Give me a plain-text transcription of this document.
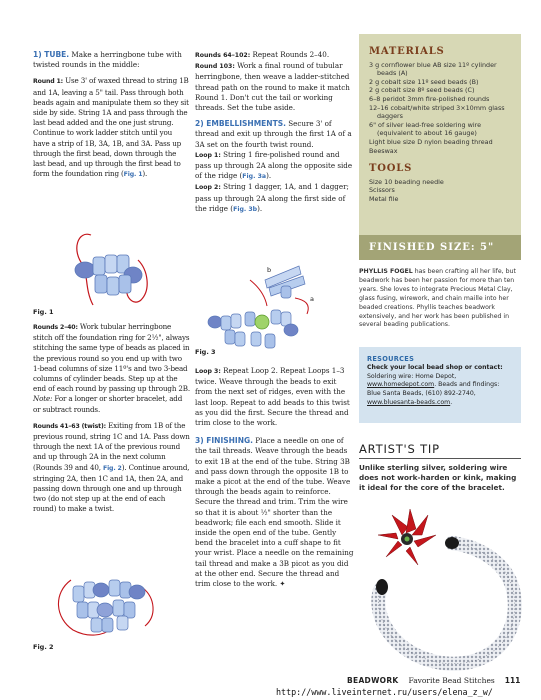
1) TUBE. Make a herringbone tube with twisted rounds in the middle:

Round 1: Use 3' of waxed thread to string 1B and 1A, leaving a 5" tail. Pass through both beads again and manipulate them so they sit side by side. String 1A and pass through the last bead added and the one just strung. Continue to work ladder stitch until you have a strip of 1B, 3A, 1B, and 3A. Pass up through the first bead, down through the last bead, and up through the first bead to form the foundation ring (Fig. 1).

Fig. 1

Rounds 2–40: Work tubular herringbone stitch off the foundation ring for 2½", always stitching the same type of beads as placed in the previous round so you end up with two 1-bead columns of size 11º's and two 3-bead columns of cylinder beads. Step up at the end of each round by passing up through 2B. Note: For a longer or shorter bracelet, add or subtract rounds.

Rounds 41–63 (twist): Exiting from 1B of the previous round, string 1C and 1A. Pass down through the next 1A of the previous round and up through 2A in the next column (Rounds 39 and 40, Fig. 2). Continue around, stringing 2A, then 1C and 1A, then 2A, and passing down through one and up through two (do not step up at the end of each round) to make a twist.

Fig. 2

Rounds 64–102: Repeat Rounds 2–40.

Round 103: Work a final round of tubular herringbone, then weave a ladder-stitched thread path on the round to make it match Round 1. Don't cut the tail or working threads. Set the tube aside.

2) EMBELLISHMENTS. Secure 3' of thread and exit up through the first 1A of a 3A set on the fourth twist round.

Loop 1: String 1 fire-polished round and pass up through 2A along the opposite side of the ridge (Fig. 3a).

Loop 2: String 1 dagger, 1A, and 1 dagger; pass up through 2A along the first side of the ridge (Fig. 3b).

b
a
Fig. 3

Loop 3: Repeat Loop 2. Repeat Loops 1–3 twice. Weave through the beads to exit from the next set of ridges, even with the last loop. Repeat to add beads to this twist as you did the first. Secure the thread and trim close to the work.

3) FINISHING. Place a needle on one of the tail threads. Weave through the beads to exit 1B at the end of the tube. String 3B and pass down through the opposite 1B to make a picot at the end of the tube. Weave through the beads again to reinforce. Secure the thread and trim. Trim the wire so that it is about ½" shorter than the beadwork; file each end smooth. Slide it inside the open end of the tube. Gently bend the bracelet into a cuff shape to fit your wrist. Place a needle on the remaining tail thread and make a 3B picot as you did at the other end. Secure the thread and trim close to the work. ✦

MATERIALS

3 g cornflower blue AB size 11º cylinder beads (A)

2 g cobalt size 11º seed beads (B)

2 g cobalt size 8º seed beads (C)

6–8 peridot 3mm fire-polished rounds

12–16 cobalt/white striped 3×10mm glass daggers

6" of silver lead-free soldering wire (equivalent to about 16 gauge)

Light blue size D nylon beading thread

Beeswax

TOOLS

Size 10 beading needle

Scissors

Metal file

FINISHED SIZE: 5"
PHYLLIS FOGEL has been crafting all her life, but beadwork has been her passion for more than ten years. She loves to integrate Precious Metal Clay, glass fusing, wirework, and chain maille into her beaded creations. Phyllis teaches beadwork extensively, and her work has been published in several beading publications.
RESOURCES
Check your local bead shop or contact:
Soldering wire: Home Depot, www.homedepot.com. Beads and findings: Blue Santa Beads, (610) 892-2740, www.bluesanta-beads.com.
ARTIST'S TIP
Unlike sterling silver, soldering wire does not work-harden or kink, making it ideal for the core of the bracelet.
BEADWORK Favorite Bead Stitches 111
http://www.liveinternet.ru/users/elena_z_w/
